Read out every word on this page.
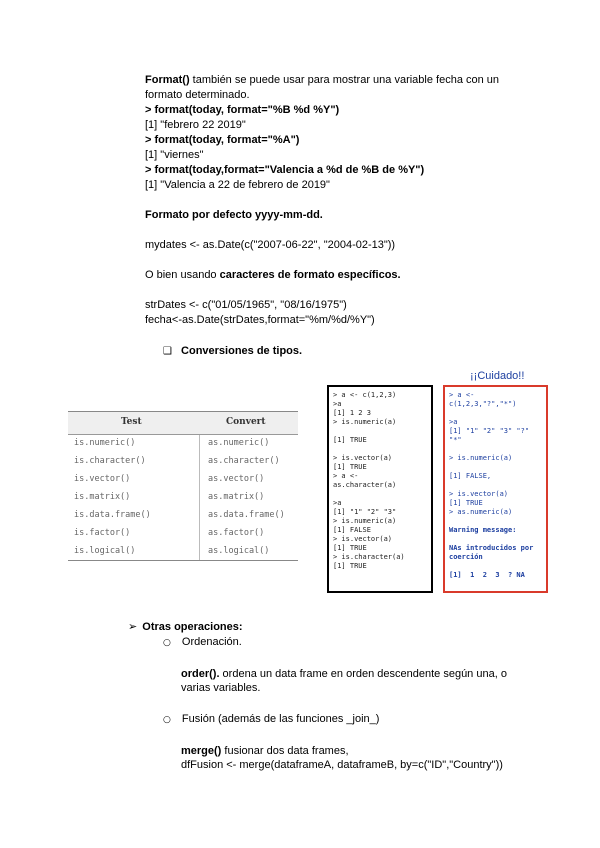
Format() también se puede usar para mostrar una variable fecha con un
formato determinado.
> format(today, format="%B %d %Y")
[1] "febrero 22 2019"
> format(today, format="%A")
[1] "viernes"
> format(today,format="Valencia a %d de %B de %Y")
[1] "Valencia a 22 de febrero de 2019"
Formato por defecto yyyy-mm-dd.
mydates <- as.Date(c("2007-06-22", "2004-02-13"))
O bien usando caracteres de formato específicos.
strDates <- c("01/05/1965", "08/16/1975")
fecha<-as.Date(strDates,format="%m/%d/%Y")
❑ Conversiones de tipos.
Test	Convert
is.numeric()	as.numeric()
is.character()	as.character()
is.vector()	as.vector()
is.matrix()	as.matrix()
is.data.frame()	as.data.frame()
is.factor()	as.factor()
is.logical()	as.logical()
> a <- c(1,2,3)
>a
[1] 1 2 3
> is.numeric(a)
[1] TRUE
> is.vector(a)
[1] TRUE
> a <-
as.character(a)
>a
[1] "1" "2" "3"
> is.numeric(a)
[1] FALSE
> is.vector(a)
[1] TRUE
> is.character(a)
[1] TRUE
¡¡Cuidado!!
> a <-
c(1,2,3,"?","*")
>a
[1] "1" "2" "3" "?"
"*"
> is.numeric(a)
[1] FALSE,
> is.vector(a)
[1] TRUE
> as.numeric(a)
Warning message:
NAs introducidos por
coerción
[1]  1  2  3  ? NA
➢ Otras operaciones:
○ Ordenación.
order(). ordena un data frame en orden descendente según una, o
varias variables.
○ Fusión (además de las funciones _join_)
merge() fusionar dos data frames,
dfFusion <- merge(dataframeA, dataframeB, by=c("ID","Country"))
